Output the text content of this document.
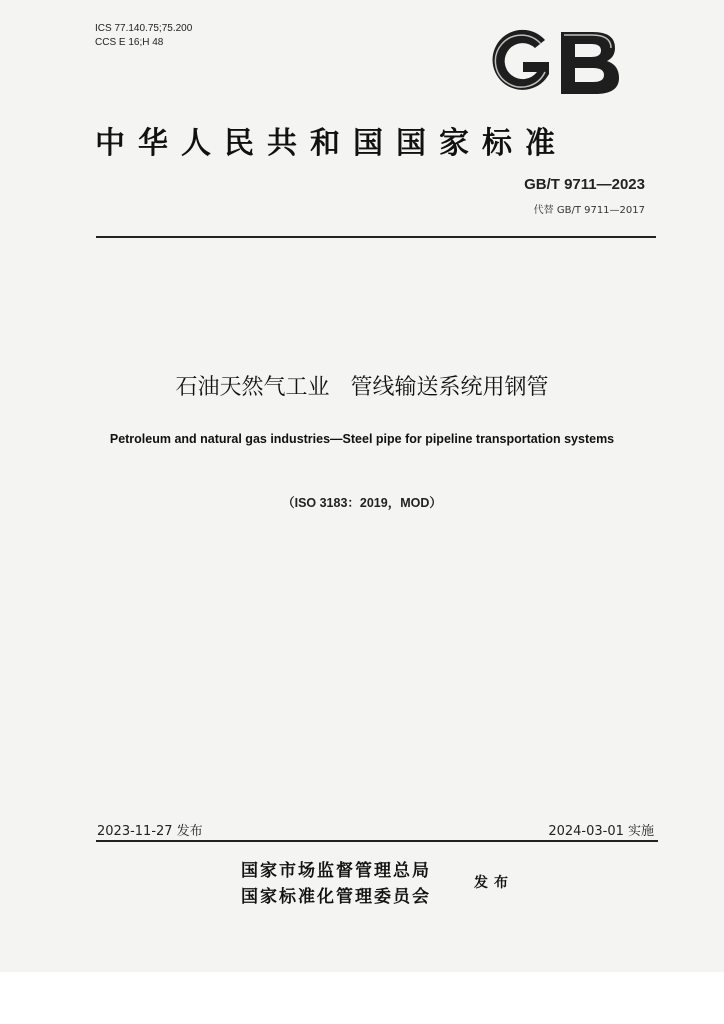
ICS 77.140.75;75.200
CCS E 16;H 48
中华人民共和国国家标准
GB/T 9711—2023
代替 GB/T 9711—2017
石油天然气工业   管线输送系统用钢管
Petroleum and natural gas industries—Steel pipe for pipeline transportation systems
（ISO 3183：2019，MOD）
2023-11-27 发布	2024-03-01 实施
国家市场监督管理总局
国家标准化管理委员会
发布
